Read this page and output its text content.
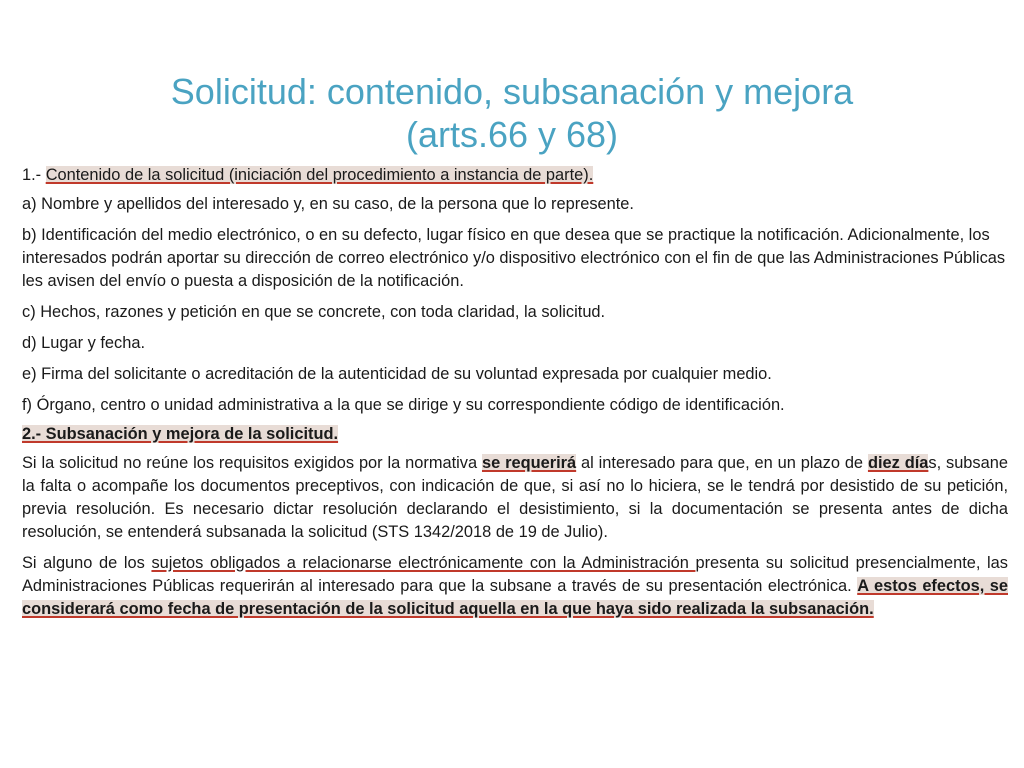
Solicitud: contenido, subsanación y mejora
(arts.66 y 68)

1.- Contenido de la solicitud (iniciación del procedimiento a instancia de parte).

a) Nombre y apellidos del interesado y, en su caso, de la persona que lo represente.

b) Identificación del medio electrónico, o en su defecto, lugar físico en que desea que se practique la notificación. Adicionalmente, los interesados podrán aportar su dirección de correo electrónico y/o dispositivo electrónico con el fin de que las Administraciones Públicas les avisen del envío o puesta a disposición de la notificación.

c) Hechos, razones y petición en que se concrete, con toda claridad, la solicitud.

d) Lugar y fecha.

e) Firma del solicitante o acreditación de la autenticidad de su voluntad expresada por cualquier medio.

f) Órgano, centro o unidad administrativa a la que se dirige y su correspondiente código de identificación.

2.- Subsanación y mejora de la solicitud.

Si la solicitud no reúne los requisitos exigidos por la normativa se requerirá al interesado para que, en un plazo de diez días, subsane la falta o acompañe los documentos preceptivos, con indicación de que, si así no lo hiciera, se le tendrá por desistido de su petición, previa resolución. Es necesario dictar resolución declarando el desistimiento, si la documentación se presenta antes de dicha resolución, se entenderá subsanada la solicitud (STS 1342/2018 de 19 de Julio).

Si alguno de los sujetos obligados a relacionarse electrónicamente con la Administración presenta su solicitud presencialmente, las Administraciones Públicas requerirán al interesado para que la subsane a través de su presentación electrónica. A estos efectos, se considerará como fecha de presentación de la solicitud aquella en la que haya sido realizada la subsanación.
